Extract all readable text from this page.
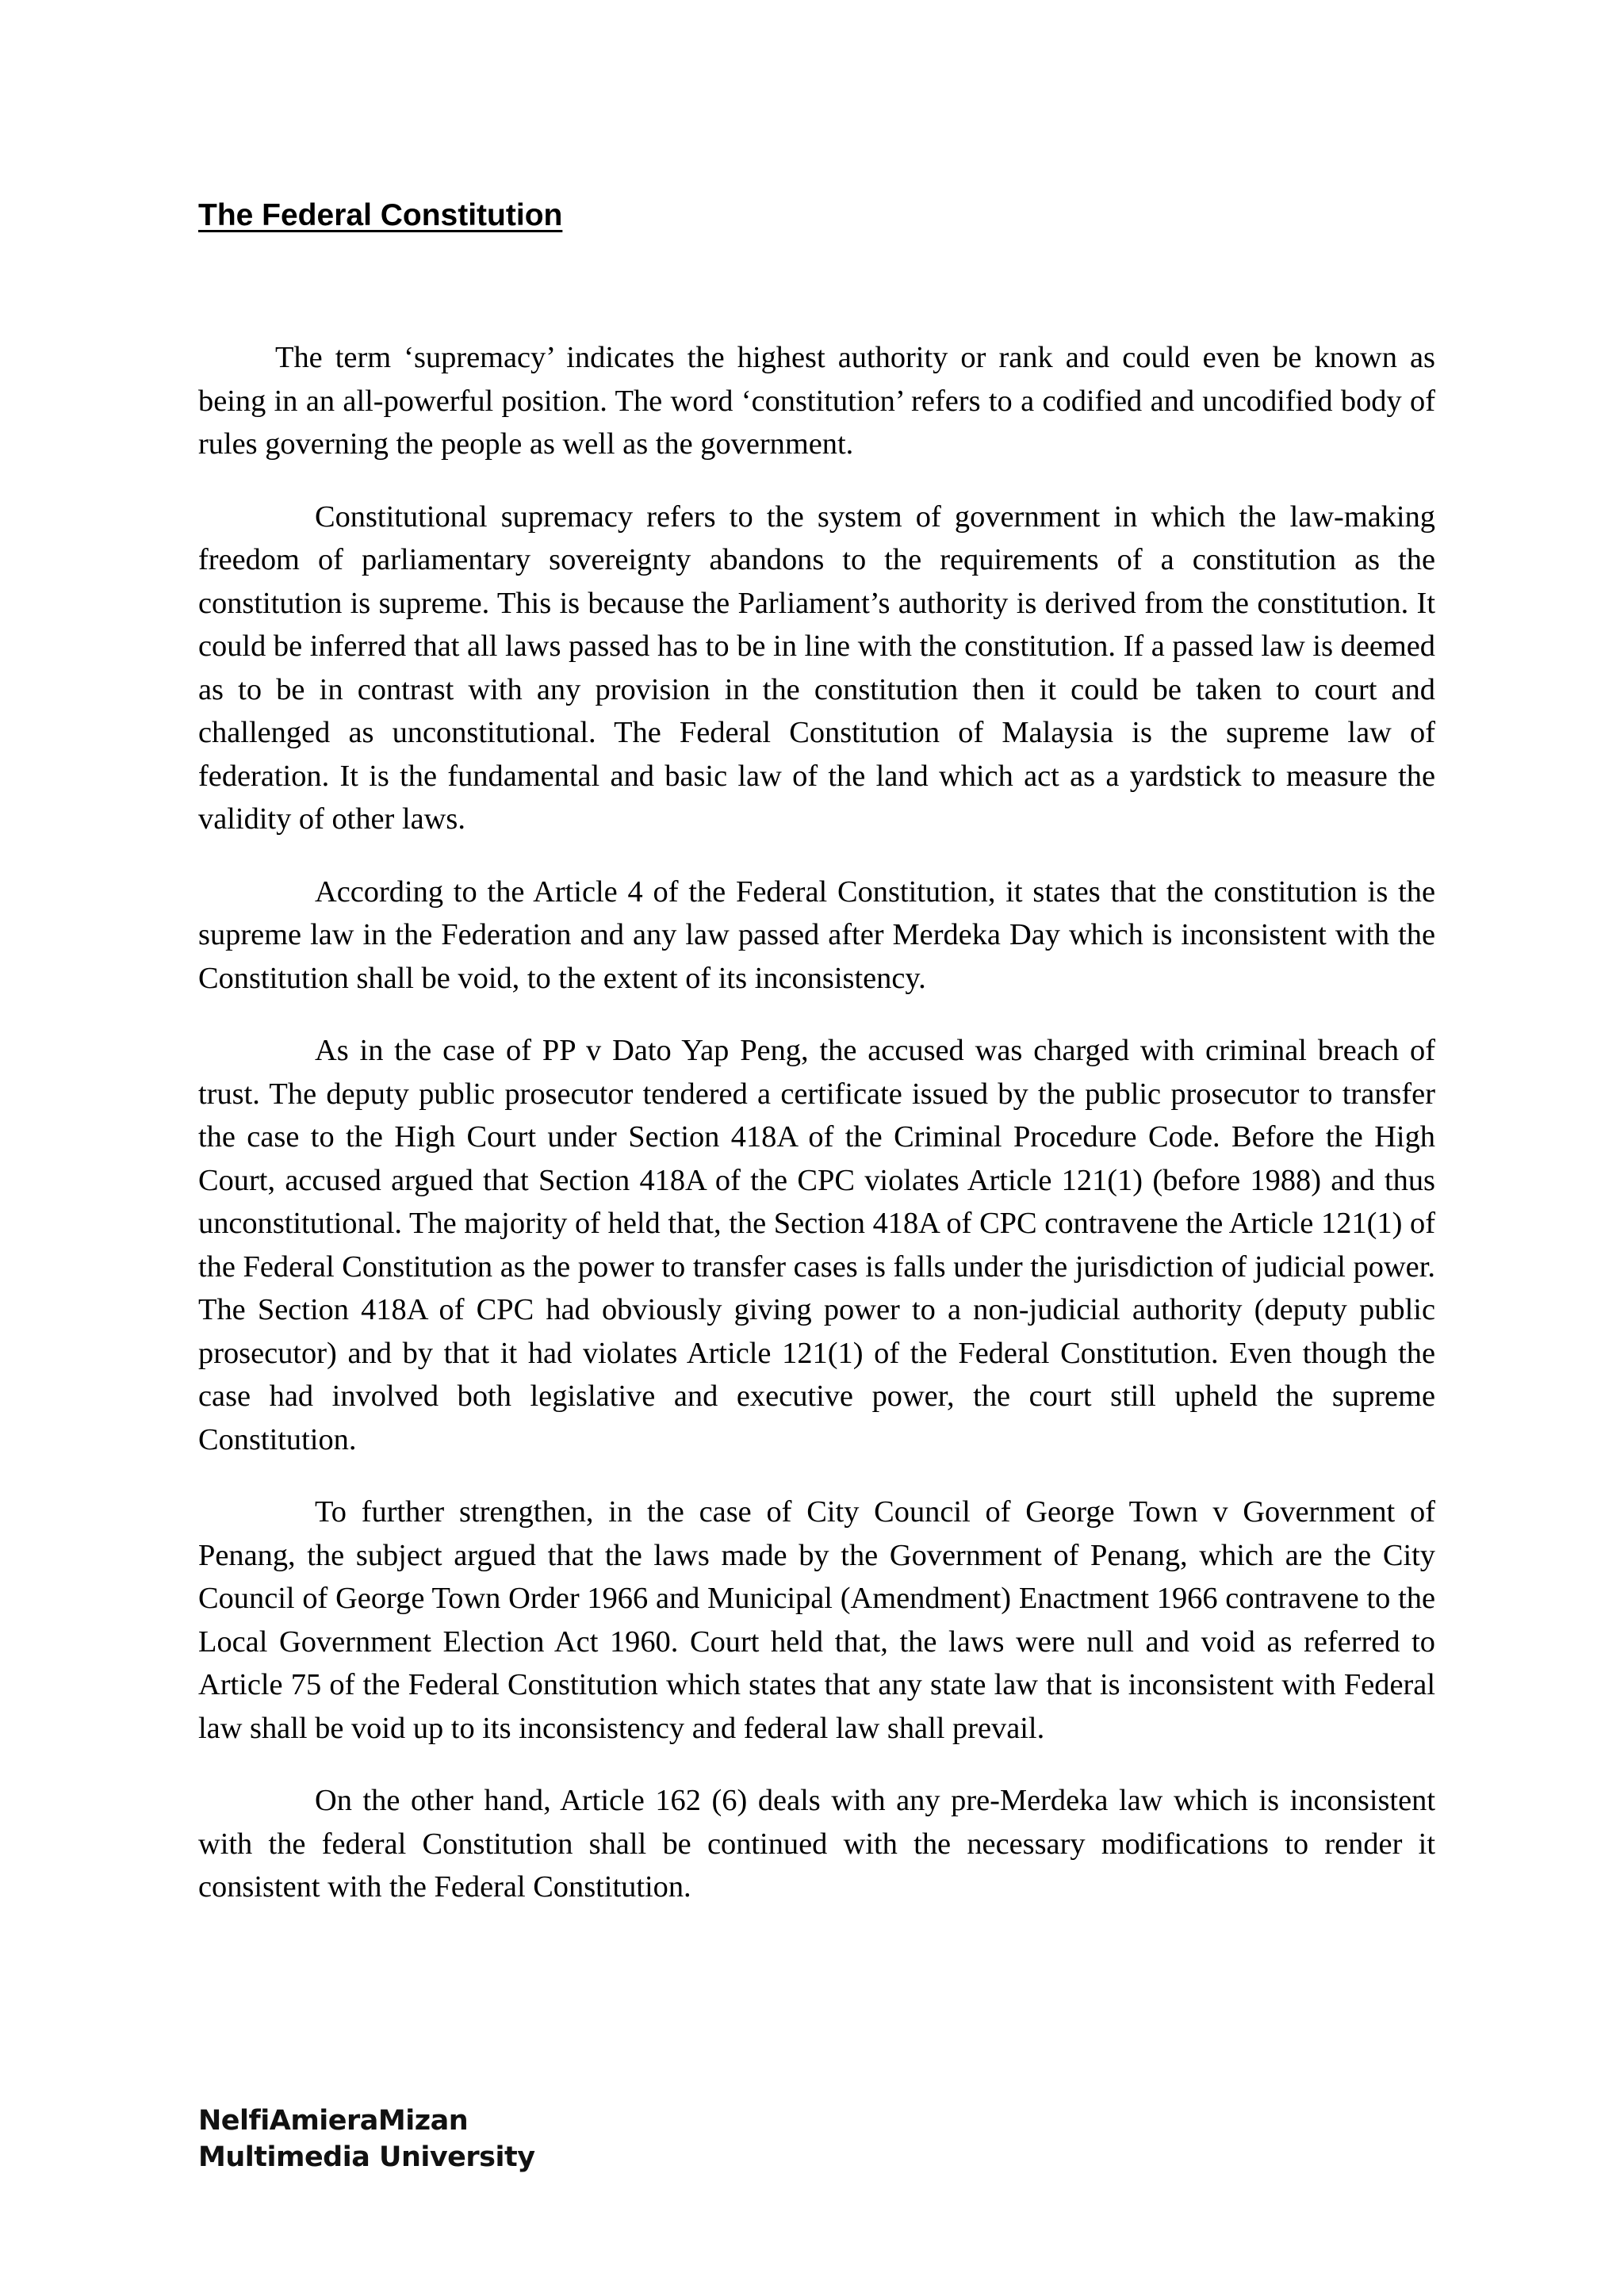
The Federal Constitution

The term ‘supremacy’ indicates the highest authority or rank and could even be known as being in an all-powerful position. The word ‘constitution’ refers to a codified and uncodified body of rules governing the people as well as the government.

Constitutional supremacy refers to the system of government in which the law-making freedom of parliamentary sovereignty abandons to the requirements of a constitution as the constitution is supreme. This is because the Parliament’s authority is derived from the constitution. It could be inferred that all laws passed has to be in line with the constitution. If a passed law is deemed as to be in contrast with any provision in the constitution then it could be taken to court and challenged as unconstitutional. The Federal Constitution of Malaysia is the supreme law of federation. It is the fundamental and basic law of the land which act as a yardstick to measure the validity of other laws.

According to the Article 4 of the Federal Constitution, it states that the constitution is the supreme law in the Federation and any law passed after Merdeka Day which is inconsistent with the Constitution shall be void, to the extent of its inconsistency.

As in the case of PP v Dato Yap Peng, the accused was charged with criminal breach of trust. The deputy public prosecutor tendered a certificate issued by the public prosecutor to transfer the case to the High Court under Section 418A of the Criminal Procedure Code. Before the High Court, accused argued that Section 418A of the CPC violates Article 121(1) (before 1988) and thus unconstitutional. The majority of held that, the Section 418A of CPC contravene the Article 121(1) of the Federal Constitution as the power to transfer cases is falls under the jurisdiction of judicial power. The Section 418A of CPC had obviously giving power to a non-judicial authority (deputy public prosecutor) and by that it had violates Article 121(1) of the Federal Constitution. Even though the case had involved both legislative and executive power, the court still upheld the supreme Constitution.

To further strengthen, in the case of City Council of George Town v Government of Penang, the subject argued that the laws made by the Government of Penang, which are the City Council of George Town Order 1966 and Municipal (Amendment) Enactment 1966 contravene to the Local Government Election Act 1960. Court held that, the laws were null and void as referred to Article 75 of the Federal Constitution which states that any state law that is inconsistent with Federal law shall be void up to its inconsistency and federal law shall prevail.

On the other hand, Article 162 (6) deals with any pre-Merdeka law which is inconsistent with the federal Constitution shall be continued with the necessary modifications to render it consistent with the Federal Constitution.

NelfiAmieraMizan
Multimedia University
